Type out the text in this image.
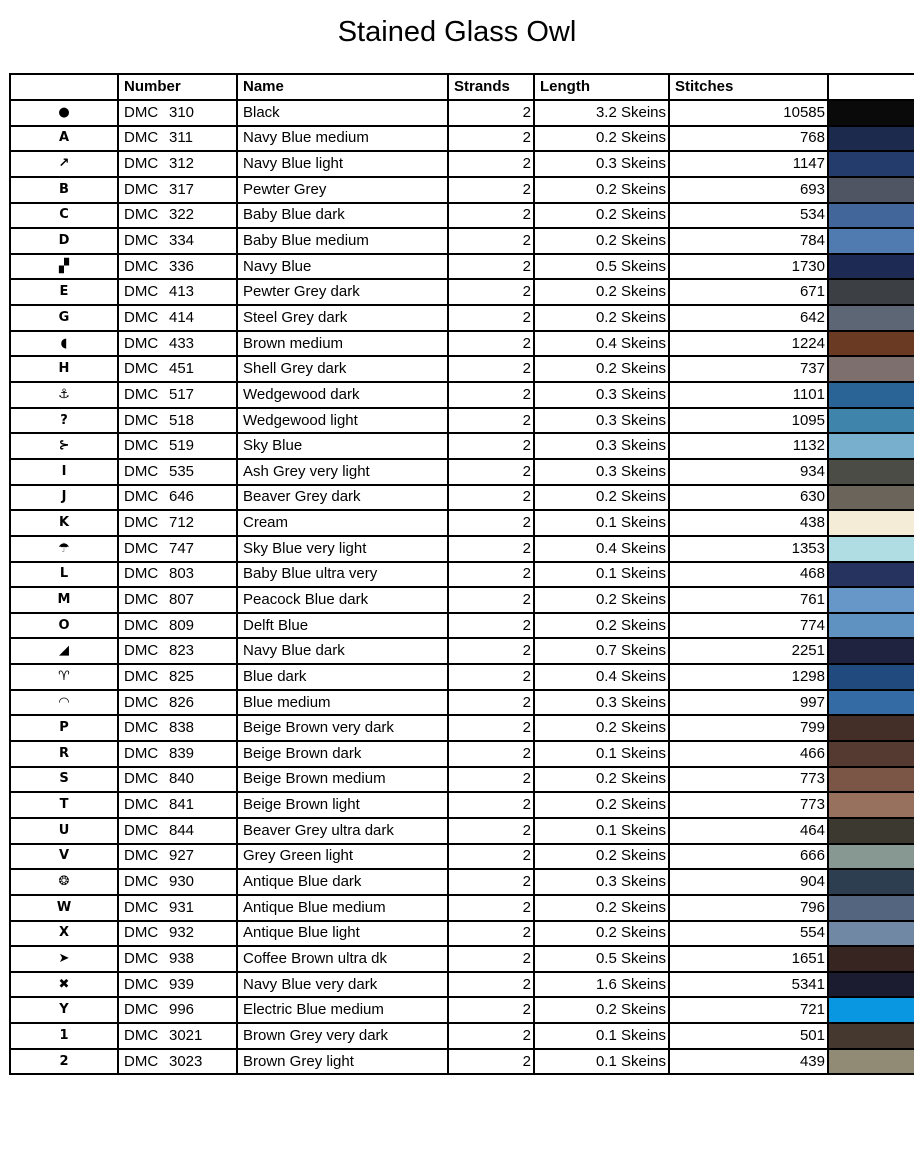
Stained Glass Owl
	Number	Name	Strands	Length	Stitches	
●	DMC 310	Black	2	3.2 Skeins	10585	

A	DMC 311	Navy Blue medium	2	0.2 Skeins	768	

↗	DMC 312	Navy Blue light	2	0.3 Skeins	1147	

B	DMC 317	Pewter Grey	2	0.2 Skeins	693	

C	DMC 322	Baby Blue dark	2	0.2 Skeins	534	

D	DMC 334	Baby Blue medium	2	0.2 Skeins	784	

▞	DMC 336	Navy Blue	2	0.5 Skeins	1730	

E	DMC 413	Pewter Grey dark	2	0.2 Skeins	671	

G	DMC 414	Steel Grey dark	2	0.2 Skeins	642	

◖	DMC 433	Brown medium	2	0.4 Skeins	1224	

H	DMC 451	Shell Grey dark	2	0.2 Skeins	737	

⚓	DMC 517	Wedgewood dark	2	0.3 Skeins	1101	

?	DMC 518	Wedgewood light	2	0.3 Skeins	1095	

⊱	DMC 519	Sky Blue	2	0.3 Skeins	1132	

I	DMC 535	Ash Grey very light	2	0.3 Skeins	934	

J	DMC 646	Beaver Grey dark	2	0.2 Skeins	630	

K	DMC 712	Cream	2	0.1 Skeins	438	

☂	DMC 747	Sky Blue very light	2	0.4 Skeins	1353	

L	DMC 803	Baby Blue ultra very	2	0.1 Skeins	468	

M	DMC 807	Peacock Blue dark	2	0.2 Skeins	761	

O	DMC 809	Delft Blue	2	0.2 Skeins	774	

◢	DMC 823	Navy Blue dark	2	0.7 Skeins	2251	

♈	DMC 825	Blue dark	2	0.4 Skeins	1298	

◠	DMC 826	Blue medium	2	0.3 Skeins	997	

P	DMC 838	Beige Brown very dark	2	0.2 Skeins	799	

R	DMC 839	Beige Brown dark	2	0.1 Skeins	466	

S	DMC 840	Beige Brown medium	2	0.2 Skeins	773	

T	DMC 841	Beige Brown light	2	0.2 Skeins	773	

U	DMC 844	Beaver Grey ultra dark	2	0.1 Skeins	464	

V	DMC 927	Grey Green light	2	0.2 Skeins	666	

❂	DMC 930	Antique Blue dark	2	0.3 Skeins	904	

W	DMC 931	Antique Blue medium	2	0.2 Skeins	796	

X	DMC 932	Antique Blue light	2	0.2 Skeins	554	

➤	DMC 938	Coffee Brown ultra dk	2	0.5 Skeins	1651	

✖	DMC 939	Navy Blue very dark	2	1.6 Skeins	5341	

Y	DMC 996	Electric Blue medium	2	0.2 Skeins	721	

1	DMC 3021	Brown Grey very dark	2	0.1 Skeins	501	

2	DMC 3023	Brown Grey light	2	0.1 Skeins	439	
